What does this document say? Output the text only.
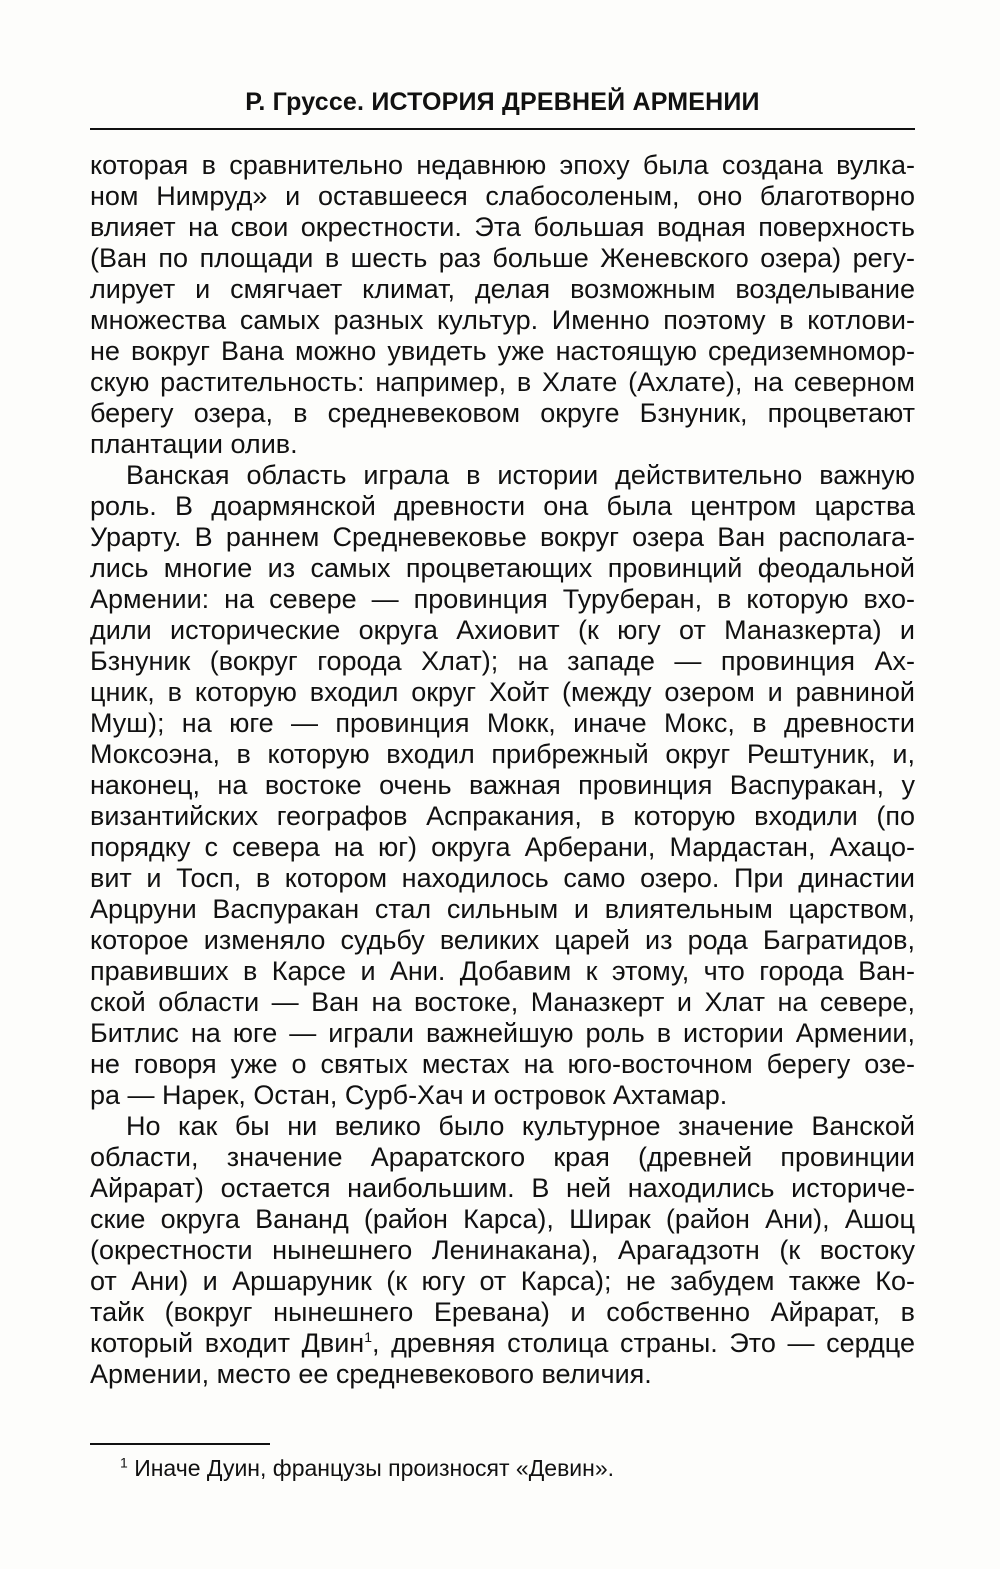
Р. Груссе. ИСТОРИЯ ДРЕВНЕЙ АРМЕНИИ
которая в сравнительно недавнюю эпоху была создана вулка-
ном Нимруд» и оставшееся слабосоленым, оно благотворно
влияет на свои окрестности. Эта большая водная поверхность
(Ван по площади в шесть раз больше Женевского озера) регу-
лирует и смягчает климат, делая возможным возделывание
множества самых разных культур. Именно поэтому в котлови-
не вокруг Вана можно увидеть уже настоящую средиземномор-
скую растительность: например, в Хлате (Ахлате), на северном
берегу озера, в средневековом округе Бзнуник, процветают
плантации олив.
Ванская область играла в истории действительно важную
роль. В доармянской древности она была центром царства
Урарту. В раннем Средневековье вокруг озера Ван располага-
лись многие из самых процветающих провинций феодальной
Армении: на севере — провинция Туруберан, в которую вхо-
дили исторические округа Ахиовит (к югу от Маназкерта) и
Бзнуник (вокруг города Хлат); на западе — провинция Ах-
цник, в которую входил округ Хойт (между озером и равниной
Муш); на юге — провинция Мокк, иначе Мокс, в древности
Моксоэна, в которую входил прибрежный округ Рештуник, и,
наконец, на востоке очень важная провинция Васпуракан, у
византийских географов Аспракания, в которую входили (по
порядку с севера на юг) округа Арберани, Мардастан, Ахацо-
вит и Тосп, в котором находилось само озеро. При династии
Арцруни Васпуракан стал сильным и влиятельным царством,
которое изменяло судьбу великих царей из рода Багратидов,
правивших в Карсе и Ани. Добавим к этому, что города Ван-
ской области — Ван на востоке, Маназкерт и Хлат на севере,
Битлис на юге — играли важнейшую роль в истории Армении,
не говоря уже о святых местах на юго-восточном берегу озе-
ра — Нарек, Остан, Сурб-Хач и островок Ахтамар.
Но как бы ни велико было культурное значение Ванской
области, значение Араратского края (древней провинции
Айрарат) остается наибольшим. В ней находились историче-
ские округа Вананд (район Карса), Ширак (район Ани), Ашоц
(окрестности нынешнего Ленинакана), Арагадзотн (к востоку
от Ани) и Аршаруник (к югу от Карса); не забудем также Ко-
тайк (вокруг нынешнего Еревана) и собственно Айрарат, в
который входит Двин$^1$, древняя столица страны. Это — сердце
Армении, место ее средневекового величия.
$^1$ Иначе Дуин, французы произносят «Девин».
